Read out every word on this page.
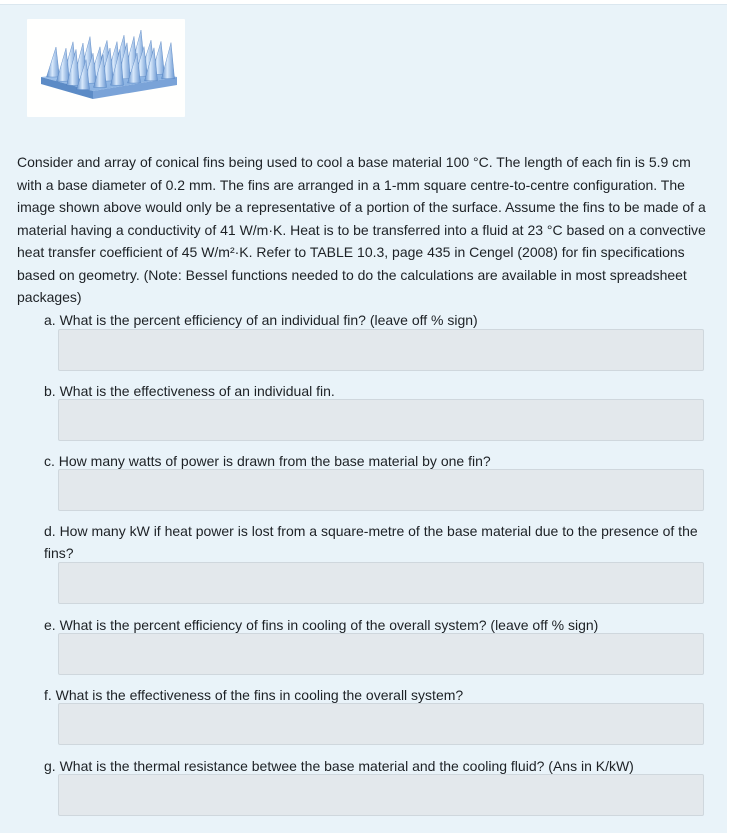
Consider and array of conical fins being used to cool a base material 100 °C. The length of each fin is 5.9 cm with a base diameter of 0.2 mm. The fins are arranged in a 1-mm square centre-to-centre configuration. The image shown above would only be a representative of a portion of the surface. Assume the fins to be made of a material having a conductivity of 41 W/m·K. Heat is to be transferred into a fluid at 23 °C based on a convective heat transfer coefficient of 45 W/m²·K. Refer to TABLE 10.3, page 435 in Cengel (2008) for fin specifications based on geometry. (Note: Bessel functions needed to do the calculations are available in most spreadsheet packages)
a. What is the percent efficiency of an individual fin? (leave off % sign)
b. What is the effectiveness of an individual fin.
c. How many watts of power is drawn from the base material by one fin?
d. How many kW if heat power is lost from a square-metre of the base material due to the presence of the fins?
e. What is the percent efficiency of fins in cooling of the overall system? (leave off % sign)
f. What is the effectiveness of the fins in cooling the overall system?
g. What is the thermal resistance betwee the base material and the cooling fluid? (Ans in K/kW)
